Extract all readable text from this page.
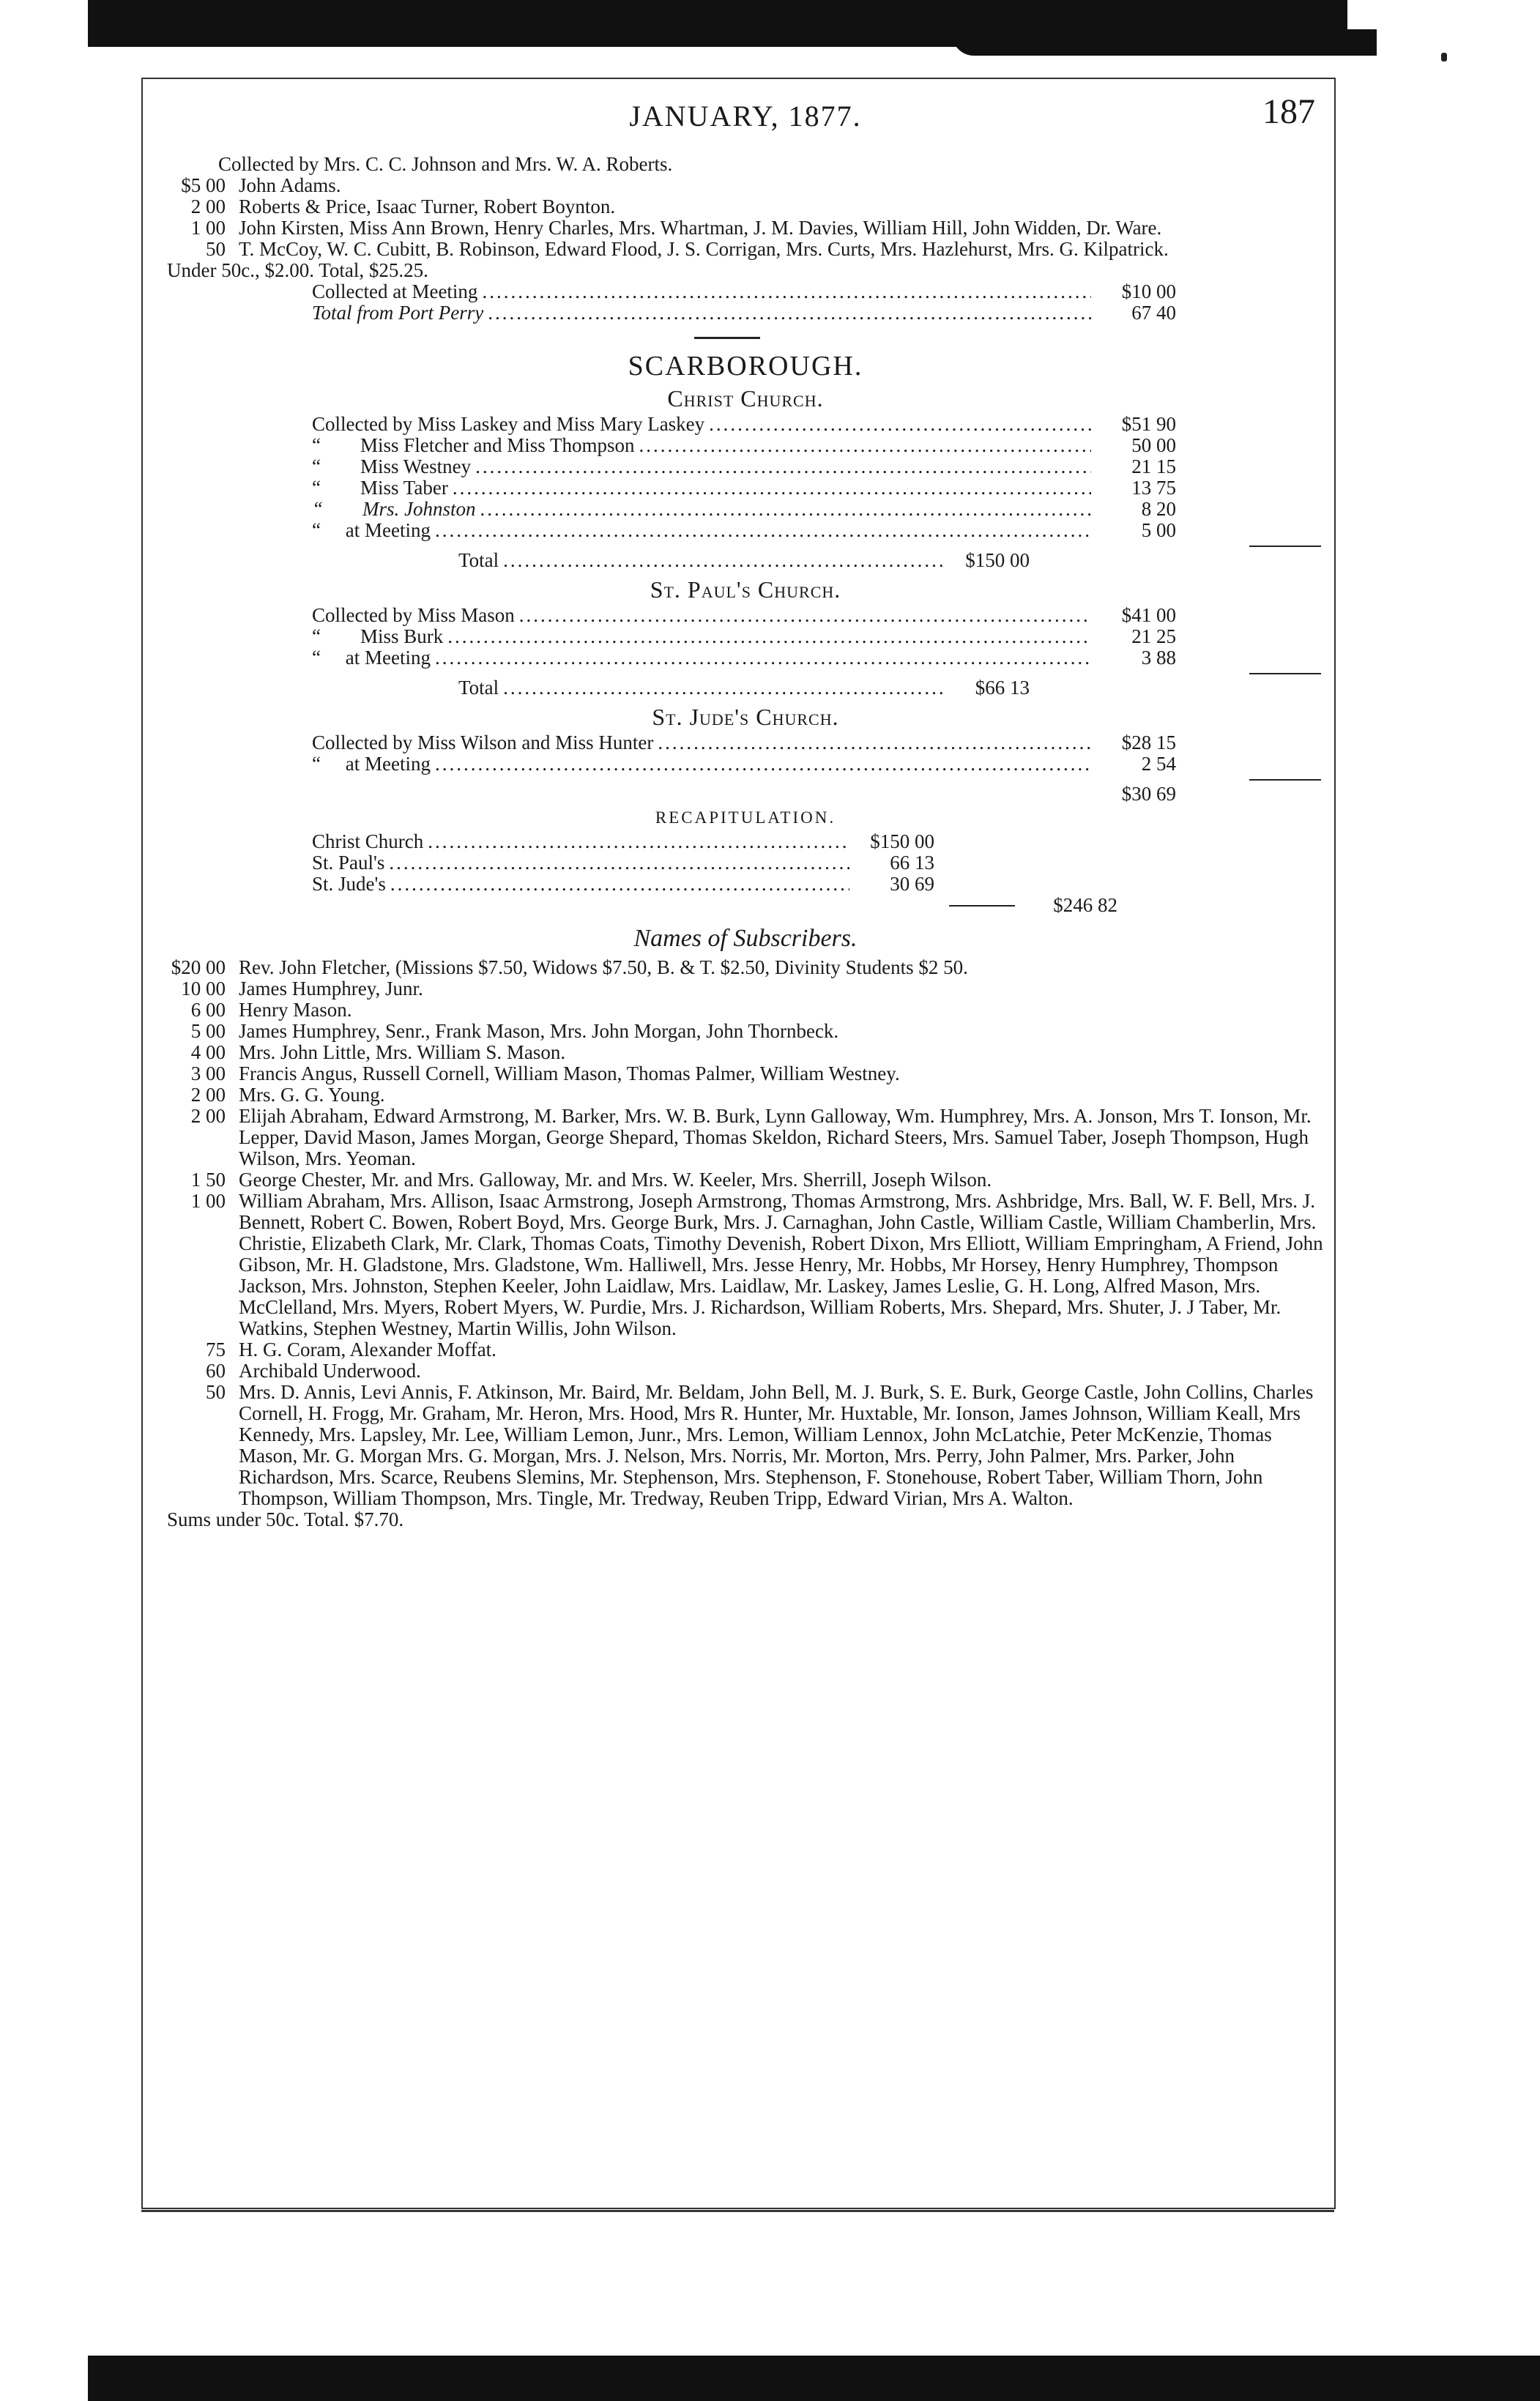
JANUARY, 1877.	187
Collected by Mrs. C. C. Johnson and Mrs. W. A. Roberts.
$5 00 John Adams.
2 00 Roberts & Price, Isaac Turner, Robert Boynton.
1 00 John Kirsten, Miss Ann Brown, Henry Charles, Mrs. Whartman, J. M. Davies, William Hill, John Widden, Dr. Ware.
50 T. McCoy, W. C. Cubitt, B. Robinson, Edward Flood, J. S. Corrigan, Mrs. Curts, Mrs. Hazlehurst, Mrs. G. Kilpatrick.
Under 50c., $2.00. Total, $25.25.
Collected at Meeting .....	$10 00
Total from Port Perry .....	67 40
SCARBOROUGH.
Christ Church.
Collected by Miss Laskey and Miss Mary Laskey .....	$51 90
“        Miss Fletcher and Miss Thompson .....	50 00
“        Miss Westney .....	21 15
“        Miss Taber .....	13 75
“        Mrs. Johnston .....	8 20
“     at Meeting .....	5 00
Total .....	$150 00
St. Paul's Church.
Collected by Miss Mason .....	$41 00
“        Miss Burk .....	21 25
“     at Meeting .....	3 88
Total .....	$66 13
St. Jude's Church.
Collected by Miss Wilson and Miss Hunter .....	$28 15
“     at Meeting .....	2 54
$30 69
RECAPITULATION.
Christ Church .....	$150 00
St. Paul's .....	66 13
St. Jude's .....	30 69
$246 82
Names of Subscribers.
$20 00 Rev. John Fletcher, (Missions $7.50, Widows $7.50, B. & T. $2.50, Divinity Students $2 50.
10 00 James Humphrey, Junr.
6 00 Henry Mason.
5 00 James Humphrey, Senr., Frank Mason, Mrs. John Morgan, John Thornbeck.
4 00 Mrs. John Little, Mrs. William S. Mason.
3 00 Francis Angus, Russell Cornell, William Mason, Thomas Palmer, William Westney.
2 00 Mrs. G. G. Young.
2 00 Elijah Abraham, Edward Armstrong, M. Barker, Mrs. W. B. Burk, Lynn Galloway, Wm. Humphrey, Mrs. A. Jonson, Mrs T. Ionson, Mr. Lepper, David Mason, James Morgan, George Shepard, Thomas Skeldon, Richard Steers, Mrs. Samuel Taber, Joseph Thompson, Hugh Wilson, Mrs. Yeoman.
1 50 George Chester, Mr. and Mrs. Galloway, Mr. and Mrs. W. Keeler, Mrs. Sherrill, Joseph Wilson.
1 00 William Abraham, Mrs. Allison, Isaac Armstrong, Joseph Armstrong, Thomas Armstrong, Mrs. Ashbridge, Mrs. Ball, W. F. Bell, Mrs. J. Bennett, Robert C. Bowen, Robert Boyd, Mrs. George Burk, Mrs. J. Carnaghan, John Castle, William Castle, William Chamberlin, Mrs. Christie, Elizabeth Clark, Mr. Clark, Thomas Coats, Timothy Devenish, Robert Dixon, Mrs Elliott, William Empringham, A Friend, John Gibson, Mr. H. Gladstone, Mrs. Gladstone, Wm. Halliwell, Mrs. Jesse Henry, Mr. Hobbs, Mr Horsey, Henry Humphrey, Thompson Jackson, Mrs. Johnston, Stephen Keeler, John Laidlaw, Mrs. Laidlaw, Mr. Laskey, James Leslie, G. H. Long, Alfred Mason, Mrs. McClelland, Mrs. Myers, Robert Myers, W. Purdie, Mrs. J. Richardson, William Roberts, Mrs. Shepard, Mrs. Shuter, J. J Taber, Mr. Watkins, Stephen Westney, Martin Willis, John Wilson.
75 H. G. Coram, Alexander Moffat.
60 Archibald Underwood.
50 Mrs. D. Annis, Levi Annis, F. Atkinson, Mr. Baird, Mr. Beldam, John Bell, M. J. Burk, S. E. Burk, George Castle, John Collins, Charles Cornell, H. Frogg, Mr. Graham, Mr. Heron, Mrs. Hood, Mrs R. Hunter, Mr. Huxtable, Mr. Ionson, James Johnson, William Keall, Mrs Kennedy, Mrs. Lapsley, Mr. Lee, William Lemon, Junr., Mrs. Lemon, William Lennox, John McLatchie, Peter McKenzie, Thomas Mason, Mr. G. Morgan Mrs. G. Morgan, Mrs. J. Nelson, Mrs. Norris, Mr. Morton, Mrs. Perry, John Palmer, Mrs. Parker, John Richardson, Mrs. Scarce, Reubens Slemins, Mr. Stephenson, Mrs. Stephenson, F. Stonehouse, Robert Taber, William Thorn, John Thompson, William Thompson, Mrs. Tingle, Mr. Tredway, Reuben Tripp, Edward Virian, Mrs A. Walton.
Sums under 50c. Total. $7.70.
